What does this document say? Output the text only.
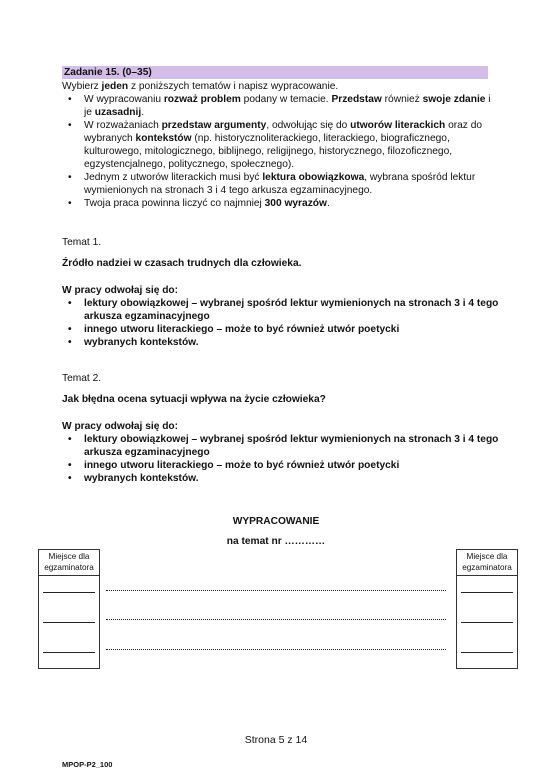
Zadanie 15. (0–35)
Wybierz jeden z poniższych tematów i napisz wypracowanie.
• W wypracowaniu rozważ problem podany w temacie. Przedstaw również swoje zdanie i je uzasadnij.
• W rozważaniach przedstaw argumenty, odwołując się do utworów literackich oraz do wybranych kontekstów (np. historycznoliterackiego, literackiego, biograficznego, kulturowego, mitologicznego, biblijnego, religijnego, historycznego, filozoficznego, egzystencjalnego, politycznego, społecznego).
• Jednym z utworów literackich musi być lektura obowiązkowa, wybrana spośród lektur wymienionych na stronach 3 i 4 tego arkusza egzaminacyjnego.
• Twoja praca powinna liczyć co najmniej 300 wyrazów.
Temat 1.
Źródło nadziei w czasach trudnych dla człowieka.
W pracy odwołaj się do:
• lektury obowiązkowej – wybranej spośród lektur wymienionych na stronach 3 i 4 tego arkusza egzaminacyjnego
• innego utworu literackiego – może to być również utwór poetycki
• wybranych kontekstów.
Temat 2.
Jak błędna ocena sytuacji wpływa na życie człowieka?
W pracy odwołaj się do:
• lektury obowiązkowej – wybranej spośród lektur wymienionych na stronach 3 i 4 tego arkusza egzaminacyjnego
• innego utworu literackiego – może to być również utwór poetycki
• wybranych kontekstów.
WYPRACOWANIE
na temat nr …………
Miejsce dla egzaminatora
Miejsce dla egzaminatora
Strona 5 z 14
MPOP-P2_100
